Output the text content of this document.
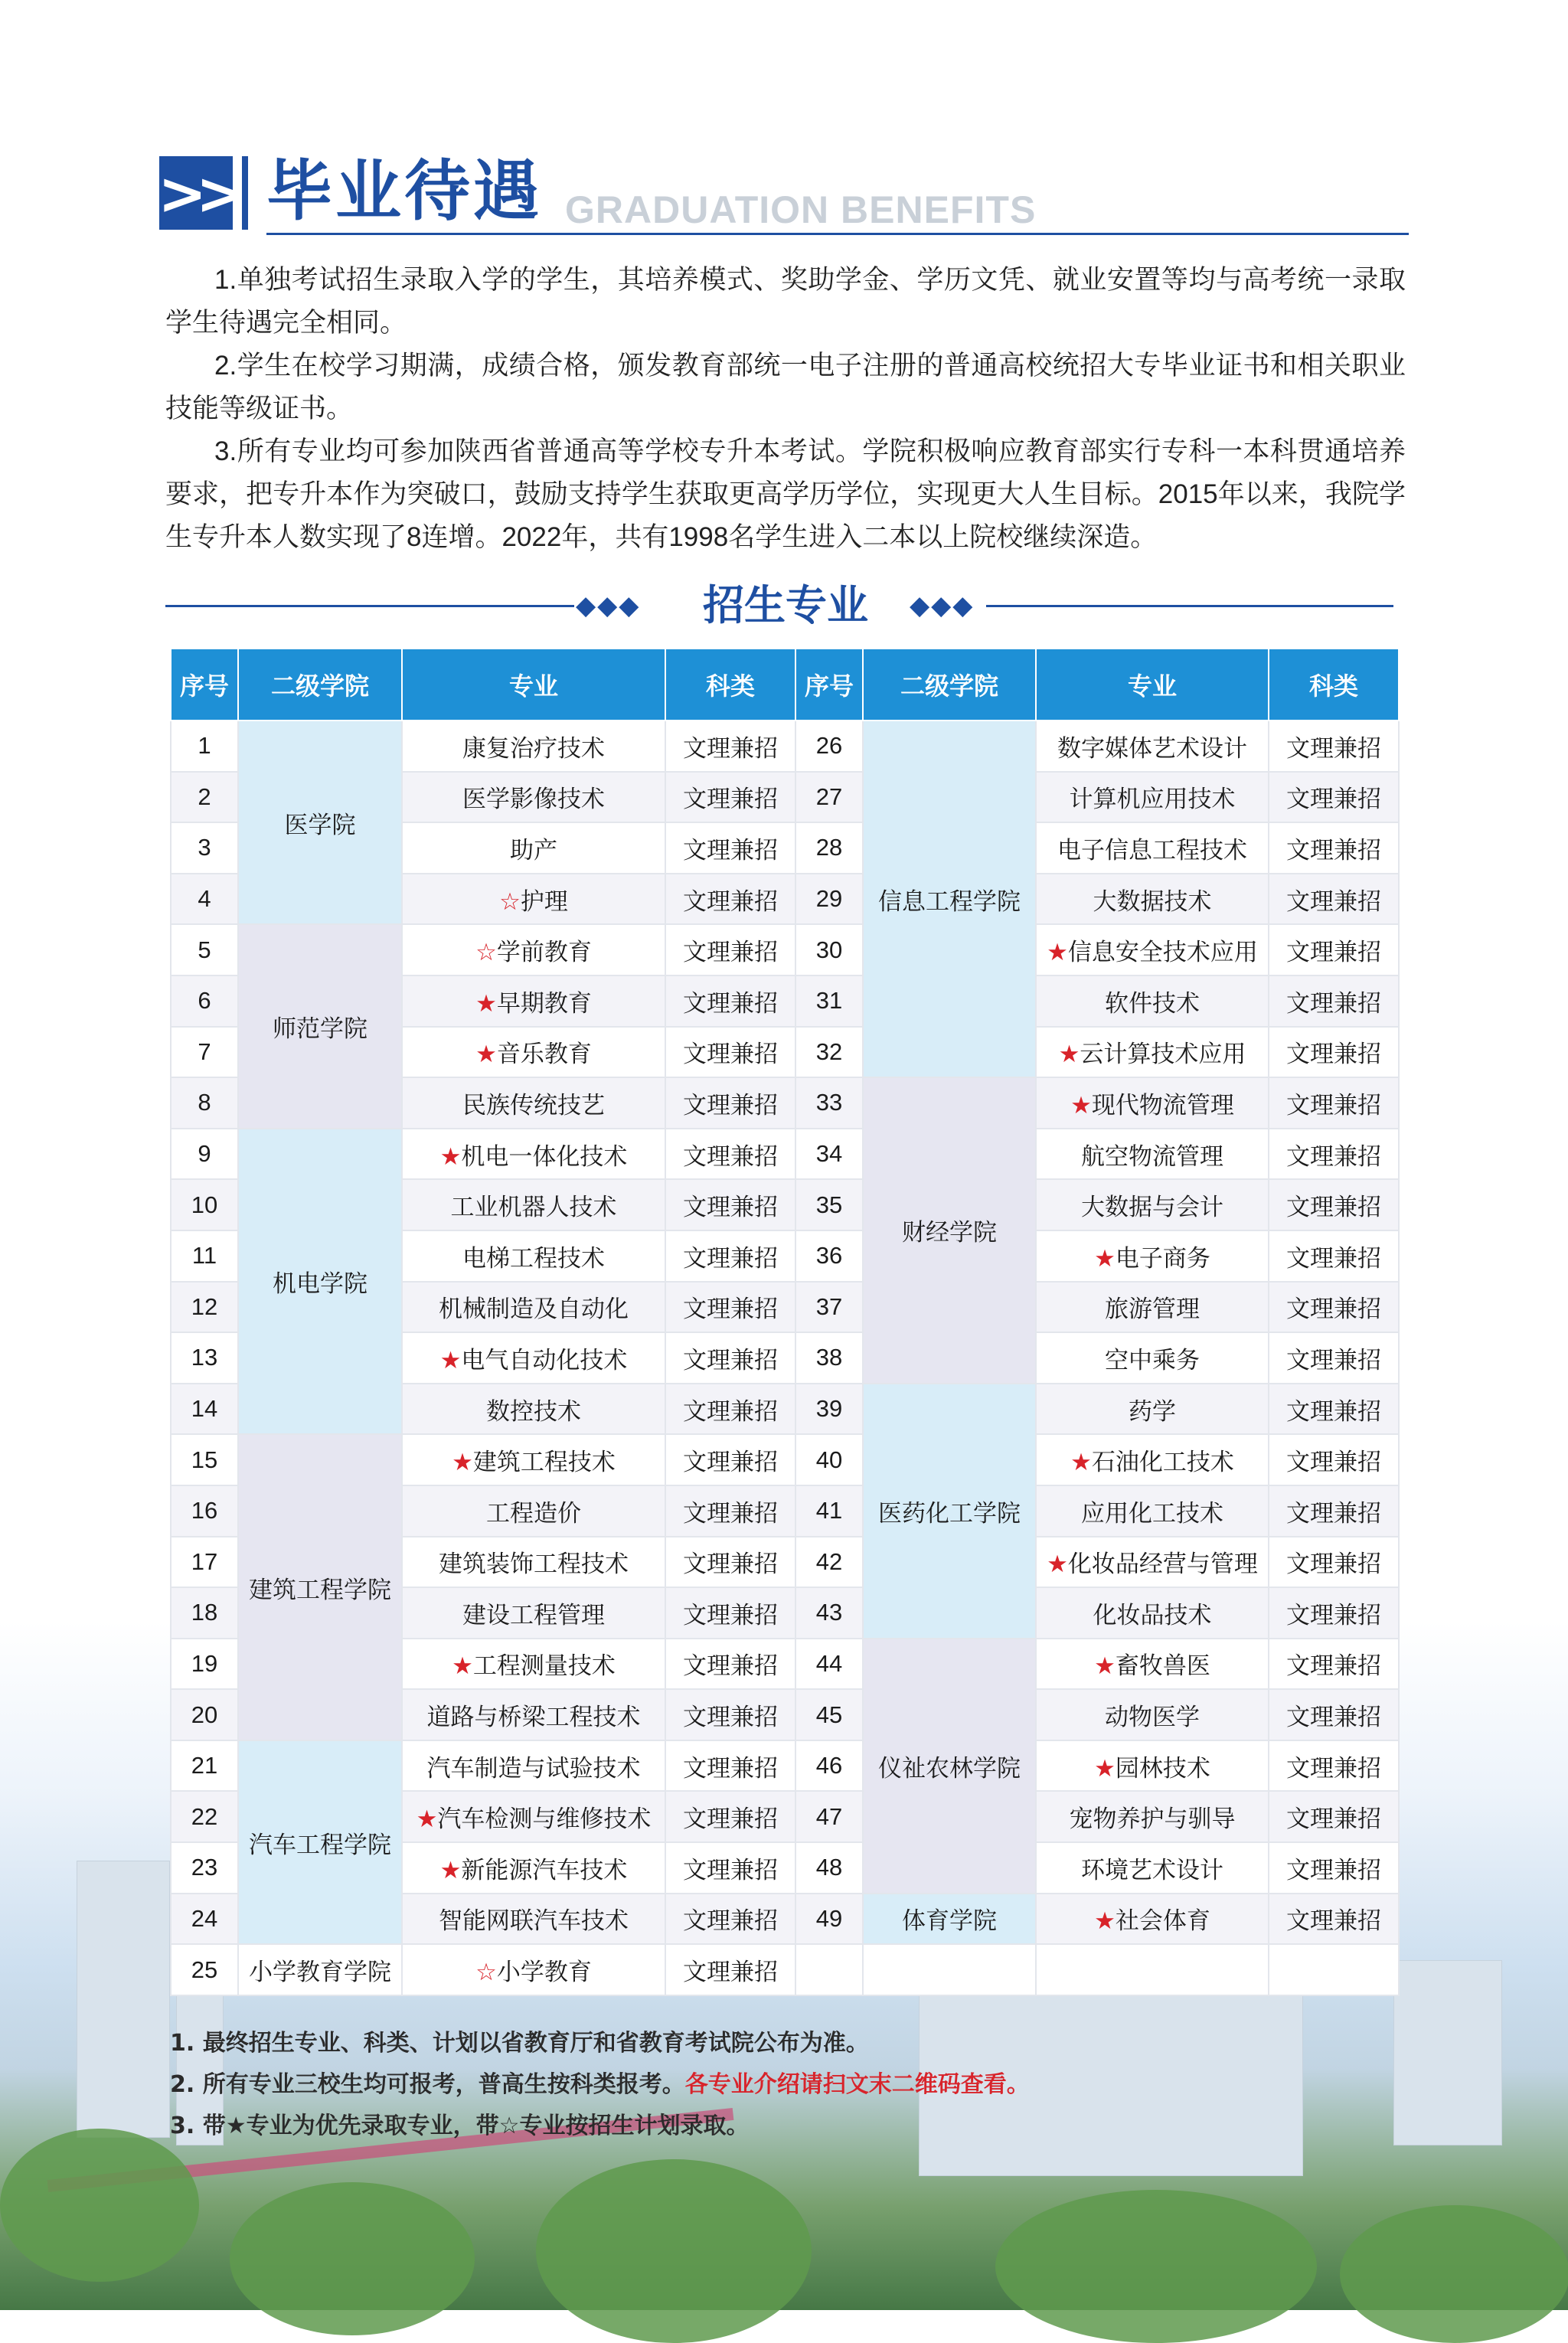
>> 毕业待遇 GRADUATION BENEFITS

1.单独考试招生录取入学的学生，其培养模式、奖助学金、学历文凭、就业安置等均与高考统一录取学生待遇完全相同。

2.学生在校学习期满，成绩合格，颁发教育部统一电子注册的普通高校统招大专毕业证书和相关职业技能等级证书。

3.所有专业均可参加陕西省普通高等学校专升本考试。学院积极响应教育部实行专科一本科贯通培养要求，把专升本作为突破口，鼓励支持学生获取更高学历学位，实现更大人生目标。2015年以来，我院学生专升本人数实现了8连增。2022年，共有1998名学生进入二本以上院校继续深造。

◆◆◆	招生专业	◆◆◆
序号	二级学院	专业	科类	序号	二级学院	专业	科类
1	医学院	康复治疗技术	文理兼招	26	信息工程学院	数字媒体艺术设计	文理兼招
2		医学影像技术	文理兼招	27		计算机应用技术	文理兼招
3		助产	文理兼招	28		电子信息工程技术	文理兼招
4		☆护理	文理兼招	29		大数据技术	文理兼招
5	师范学院	☆学前教育	文理兼招	30		★信息安全技术应用	文理兼招
6		★早期教育	文理兼招	31		软件技术	文理兼招
7		★音乐教育	文理兼招	32		★云计算技术应用	文理兼招
8		民族传统技艺	文理兼招	33	财经学院	★现代物流管理	文理兼招
9	机电学院	★机电一体化技术	文理兼招	34		航空物流管理	文理兼招
10		工业机器人技术	文理兼招	35		大数据与会计	文理兼招
11		电梯工程技术	文理兼招	36		★电子商务	文理兼招
12		机械制造及自动化	文理兼招	37		旅游管理	文理兼招
13		★电气自动化技术	文理兼招	38		空中乘务	文理兼招
14		数控技术	文理兼招	39	医药化工学院	药学	文理兼招
15	建筑工程学院	★建筑工程技术	文理兼招	40		★石油化工技术	文理兼招
16		工程造价	文理兼招	41		应用化工技术	文理兼招
17		建筑装饰工程技术	文理兼招	42		★化妆品经营与管理	文理兼招
18		建设工程管理	文理兼招	43		化妆品技术	文理兼招
19		★工程测量技术	文理兼招	44	仪祉农林学院	★畜牧兽医	文理兼招
20		道路与桥梁工程技术	文理兼招	45		动物医学	文理兼招
21	汽车工程学院	汽车制造与试验技术	文理兼招	46		★园林技术	文理兼招
22		★汽车检测与维修技术	文理兼招	47		宠物养护与驯导	文理兼招
23		★新能源汽车技术	文理兼招	48		环境艺术设计	文理兼招
24		智能网联汽车技术	文理兼招	49	体育学院	★社会体育	文理兼招
25	小学教育学院	☆小学教育	文理兼招				

1. 最终招生专业、科类、计划以省教育厅和省教育考试院公布为准。

2. 所有专业三校生均可报考，普高生按科类报考。各专业介绍请扫文末二维码查看。

3. 带★专业为优先录取专业，带☆专业按招生计划录取。
